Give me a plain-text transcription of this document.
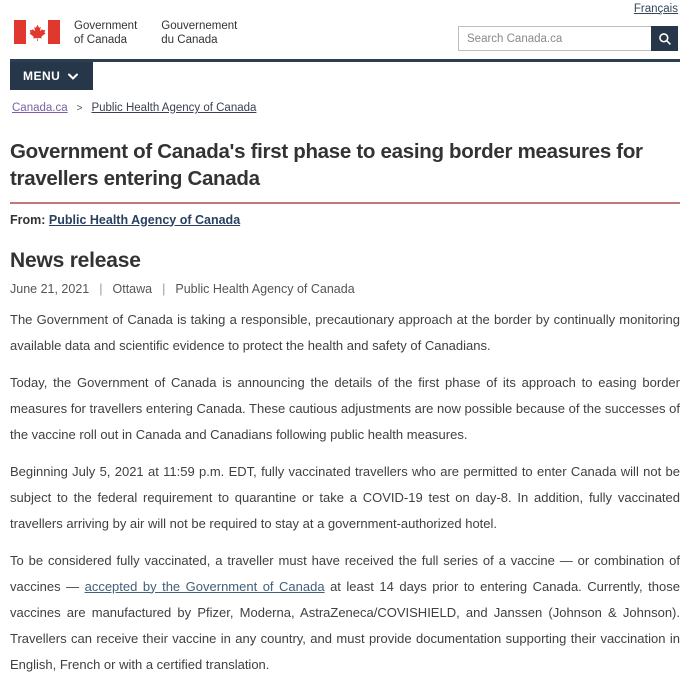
Français
Government
of Canada
Gouvernement
du Canada
Search Canada.ca
MENU
Canada.ca > Public Health Agency of Canada
Government of Canada's first phase to easing border measures for travellers entering Canada
From: Public Health Agency of Canada
News release
June 21, 2021 | Ottawa | Public Health Agency of Canada

The Government of Canada is taking a responsible, precautionary approach at the border by continually monitoring available data and scientific evidence to protect the health and safety of Canadians.

Today, the Government of Canada is announcing the details of the first phase of its approach to easing border measures for travellers entering Canada. These cautious adjustments are now possible because of the successes of the vaccine roll out in Canada and Canadians following public health measures.

Beginning July 5, 2021 at 11:59 p.m. EDT, fully vaccinated travellers who are permitted to enter Canada will not be subject to the federal requirement to quarantine or take a COVID-19 test on day-8. In addition, fully vaccinated travellers arriving by air will not be required to stay at a government-authorized hotel.

To be considered fully vaccinated, a traveller must have received the full series of a vaccine — or combination of vaccines — accepted by the Government of Canada at least 14 days prior to entering Canada. Currently, those vaccines are manufactured by Pfizer, Moderna, AstraZeneca/COVISHIELD, and Janssen (Johnson & Johnson). Travellers can receive their vaccine in any country, and must provide documentation supporting their vaccination in English, French or with a certified translation.
